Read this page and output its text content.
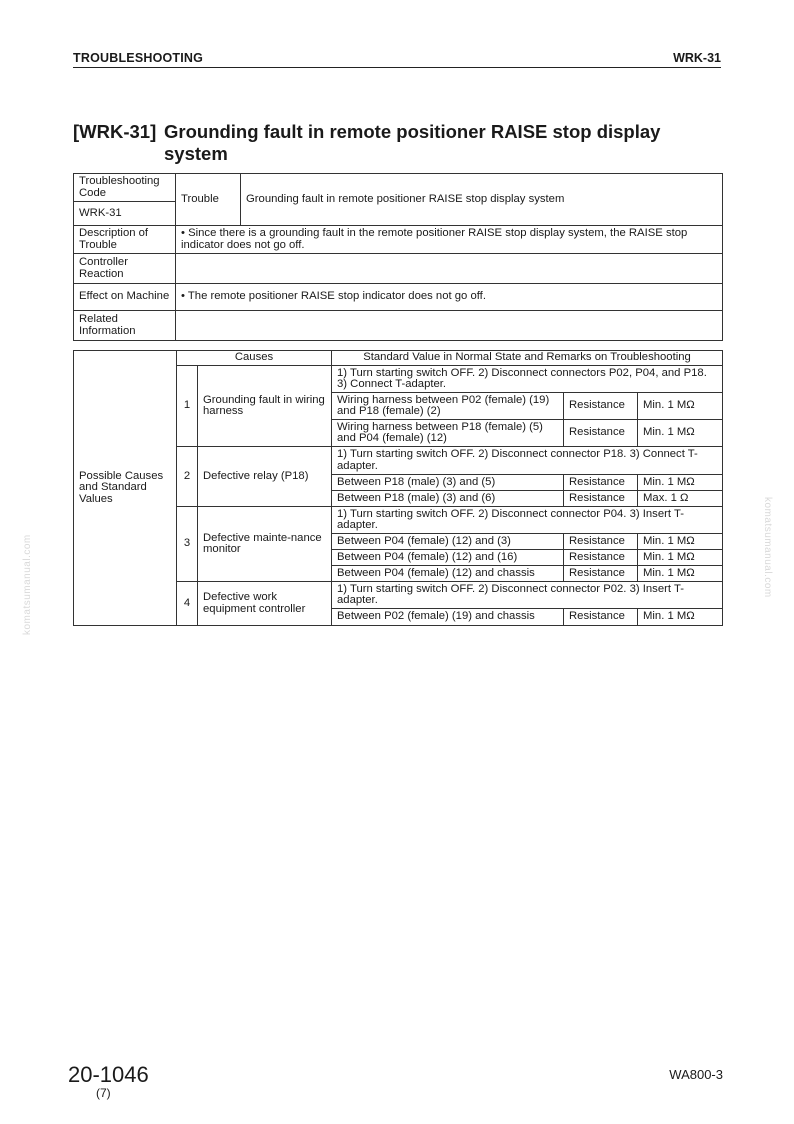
TROUBLESHOOTING	WRK-31
[WRK-31] Grounding fault in remote positioner RAISE stop display
system
Troubleshooting Code	Trouble	Grounding fault in remote positioner RAISE stop display system
WRK-31		
Description of Trouble	• Since there is a grounding fault in the remote positioner RAISE stop display system, the RAISE stop indicator does not go off.	
Controller Reaction		
Effect on Machine	• The remote positioner RAISE stop indicator does not go off.	
Related Information		
Possible Causes and Standard Values	Causes		Standard Value in Normal State and Remarks on Troubleshooting		
	1	Grounding fault in wiring harness	1) Turn starting switch OFF. 2) Disconnect connectors P02, P04, and P18. 3) Connect T-adapter.		
			Wiring harness between P02 (female) (19) and P18 (female) (2)	Resistance	Min. 1 MΩ
			Wiring harness between P18 (female) (5) and P04 (female) (12)	Resistance	Min. 1 MΩ
	2	Defective relay (P18)	1) Turn starting switch OFF. 2) Disconnect connector P18. 3) Connect T-adapter.		
			Between P18 (male) (3) and (5)	Resistance	Min. 1 MΩ
			Between P18 (male) (3) and (6)	Resistance	Max. 1 Ω
	3	Defective mainte-nance monitor	1) Turn starting switch OFF. 2) Disconnect connector P04. 3) Insert T-adapter.		
			Between P04 (female) (12) and (3)	Resistance	Min. 1 MΩ
			Between P04 (female) (12) and (16)	Resistance	Min. 1 MΩ
			Between P04 (female) (12) and chassis	Resistance	Min. 1 MΩ
	4	Defective work equipment controller	1) Turn starting switch OFF. 2) Disconnect connector P02. 3) Insert T-adapter.		
			Between P02 (female) (19) and chassis	Resistance	Min. 1 MΩ
komatsumanual.com	komatsumanual.com
20-1046
(7)
WA800-3
